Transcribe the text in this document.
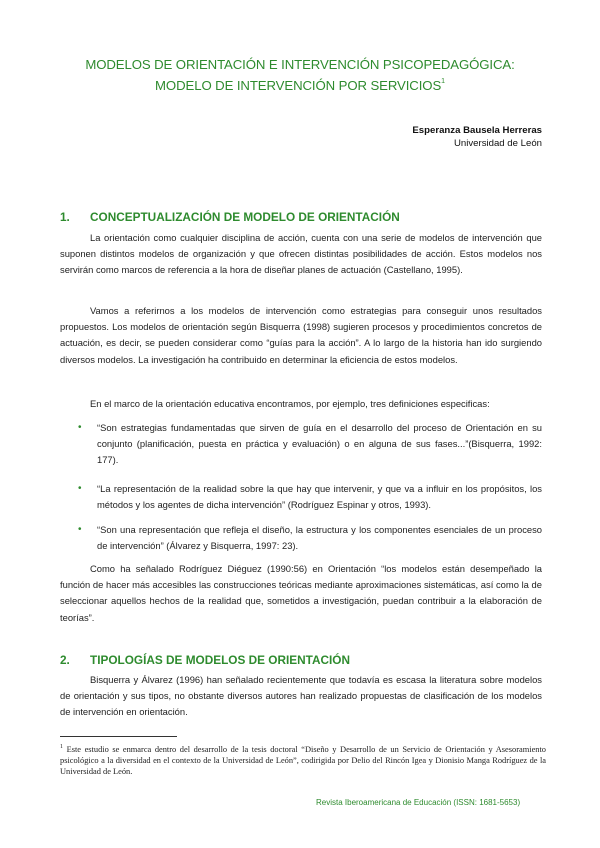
MODELOS DE ORIENTACIÓN E INTERVENCIÓN PSICOPEDAGÓGICA:
MODELO DE INTERVENCIÓN POR SERVICIOS$^1$
Esperanza Bausela Herreras
Universidad de León
1. CONCEPTUALIZACIÓN DE MODELO DE ORIENTACIÓN
La orientación como cualquier disciplina de acción, cuenta con una serie de modelos de intervención que suponen distintos modelos de organización y que ofrecen distintas posibilidades de acción. Estos modelos nos servirán como marcos de referencia a la hora de diseñar planes de actuación (Castellano, 1995).
Vamos a referirnos a los modelos de intervención como estrategias para conseguir unos resultados propuestos. Los modelos de orientación según Bisquerra (1998) sugieren procesos y procedimientos concretos de actuación, es decir, se pueden considerar como “guías para la acción”. A lo largo de la historia han ido surgiendo diversos modelos. La investigación ha contribuido en determinar la eficiencia de estos modelos.
En el marco de la orientación educativa encontramos, por ejemplo, tres definiciones especificas:
• “Son estrategias fundamentadas que sirven de guía en el desarrollo del proceso de Orientación en su conjunto (planificación, puesta en práctica y evaluación) o en alguna de sus fases...”(Bisquerra, 1992: 177).
• “La representación de la realidad sobre la que hay que intervenir, y que va a influir en los propósitos, los métodos y los agentes de dicha intervención” (Rodríguez Espinar y otros, 1993).
• “Son una representación que refleja el diseño, la estructura y los componentes esenciales de un proceso de intervención” (Álvarez y Bisquerra, 1997: 23).
Como ha señalado Rodríguez Diéguez (1990:56) en Orientación “los modelos están desempeñado la función de hacer más accesibles las construcciones teóricas mediante aproximaciones sistemáticas, así como la de seleccionar aquellos hechos de la realidad que, sometidos a investigación, puedan contribuir a la elaboración de teorías”.
2. TIPOLOGÍAS DE MODELOS DE ORIENTACIÓN
Bisquerra y Álvarez (1996) han señalado recientemente que todavía es escasa la literatura sobre modelos de orientación y sus tipos, no obstante diversos autores han realizado propuestas de clasificación de los modelos de intervención en orientación.
$^1$ Este estudio se enmarca dentro del desarrollo de la tesis doctoral “Diseño y Desarrollo de un Servicio de Orientación y Asesoramiento psicológico a la diversidad en el contexto de la Universidad de León”, codirigida por Delio del Rincón Igea y Dionisio Manga Rodríguez de la Universidad de León.
Revista Iberoamericana de Educación (ISSN: 1681-5653)
